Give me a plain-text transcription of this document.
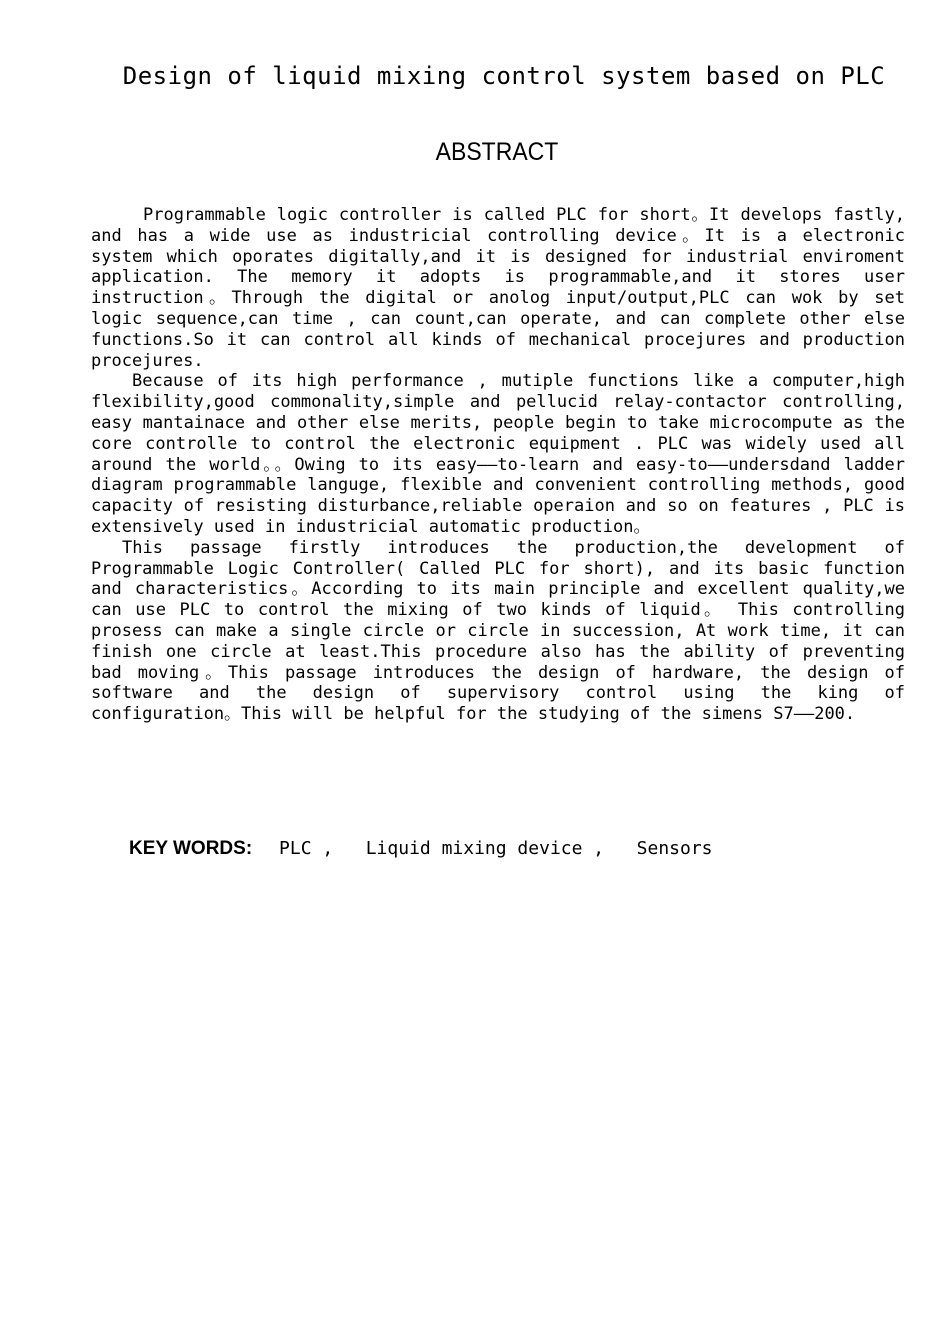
Design of liquid mixing control system based on PLC
ABSTRACT

Programmable logic controller is called PLC for short。It develops fastly, and has a wide use as industricial controlling device。It is a electronic system which oporates digitally,and it is designed for industrial enviroment application. The memory it adopts is programmable,and it stores user instruction。Through the digital or anolog input/output,PLC can wok by set logic sequence,can time , can count,can operate, and can complete other else functions.So it can control all kinds of mechanical procejures and production procejures.

Because of its high performance , mutiple functions like a computer,high flexibility,good commonality,simple and pellucid relay-contactor controlling, easy mantainace and other else merits, people begin to take microcompute as the core controlle to control the electronic equipment . PLC was widely used all around the world。。Owing to its easy——to-learn and easy-to——undersdand ladder diagram programmable languge, flexible and convenient controlling methods, good capacity of resisting disturbance,reliable operaion and so on features , PLC is extensively used in industricial automatic production。

This passage firstly introduces the production,the development of Programmable Logic Controller( Called PLC for short), and its basic function and characteristics。According to its main principle and excellent quality,we can use PLC to control the mixing of two kinds of liquid。 This controlling prosess can make a single circle or circle in succession, At work time, it can finish one circle at least.This procedure also has the ability of preventing bad moving。This passage introduces the design of hardware, the design of software and the design of supervisory control using the king of configuration。This will be helpful for the studying of the simens S7——200.

KEY WORDS: PLC ,   Liquid mixing device ,   Sensors
